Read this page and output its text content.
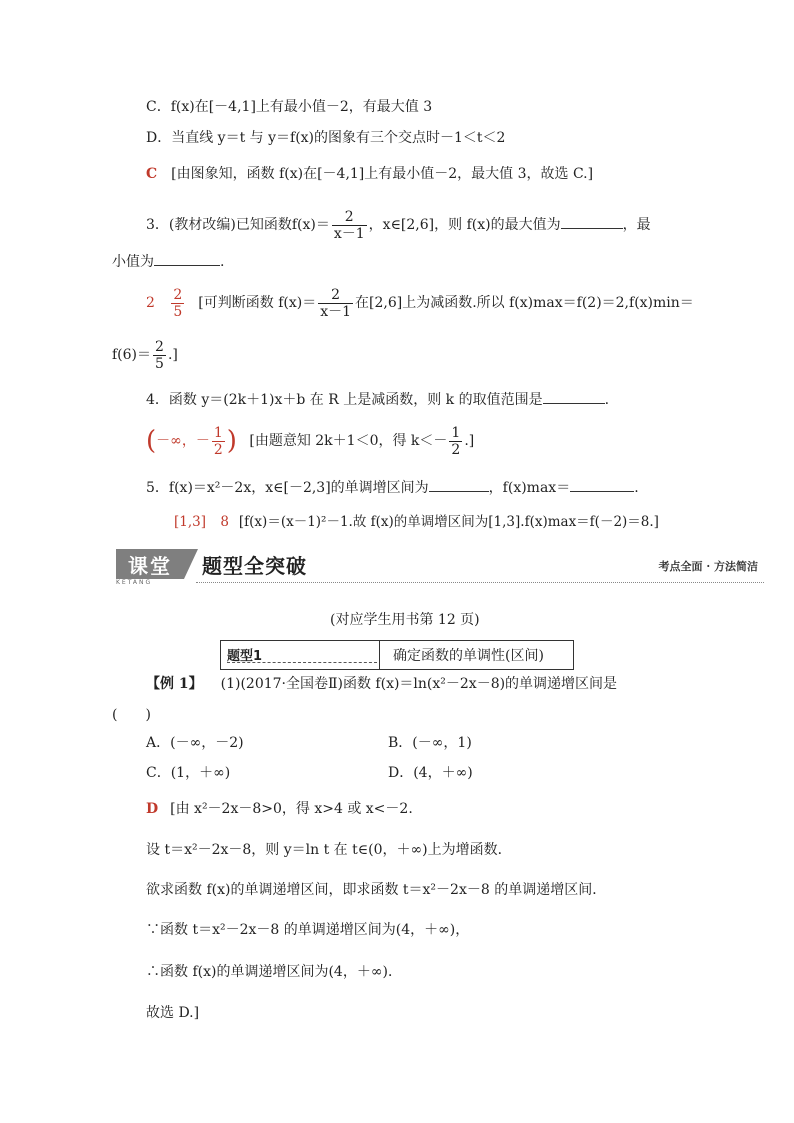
C．f(x)在[－4,1]上有最小值－2，有最大值 3
D．当直线 y＝t 与 y＝f(x)的图象有三个交点时－1＜t＜2
C [由图象知，函数 f(x)在[－4,1]上有最小值－2，最大值 3，故选 C.]
3．(教材改编)已知函数$f(x)= \frac{2}{x-1}$ ，x∈[2,6]，则 f(x)的最大值为	，最
小值为	.
$2 \frac{2}{5}$ [可判断函数 $f(x)= \frac{2}{x-1}$ 在[2,6]上为减函数.所以 f(x)max＝f(2)＝2,f(x)min＝
$f(6)= \frac{2}{5}$ .]
4．函数 y＝(2k＋1)x＋b 在 R 上是减函数，则 k 的取值范围是	.
(－∞，－ $\frac{1}{2}$ ) [由题意知 2k＋1＜0，得 $k<- \frac{1}{2}$ .]
5．f(x)＝x²－2x，x∈[－2,3]的单调增区间为	，f(x)max＝	.
[1,3] 8 [f(x)＝(x－1)²－1.故 f(x)的单调增区间为[1,3].f(x)max＝f(－2)＝8.]
课堂
KETANG
题型全突破	考点全面 · 方法简洁
(对应学生用书第 12 页)
题型1	确定函数的单调性(区间)
【例 1】 (1)(2017·全国卷Ⅱ)函数 f(x)＝ln(x²－2x－8)的单调递增区间是
(　　)
A．(－∞，－2)	B．(－∞，1)
C．(1，＋∞)	D．(4，＋∞)
D [由 x²－2x－8>0，得 x>4 或 x<－2.
设 t＝x²－2x－8，则 y＝ln t 在 t∈(0，＋∞)上为增函数．
欲求函数 f(x)的单调递增区间，即求函数 t＝x²－2x－8 的单调递增区间．
∵函数 t＝x²－2x－8 的单调递增区间为(4，＋∞)，
∴函数 f(x)的单调递增区间为(4，＋∞)．
故选 D.]
